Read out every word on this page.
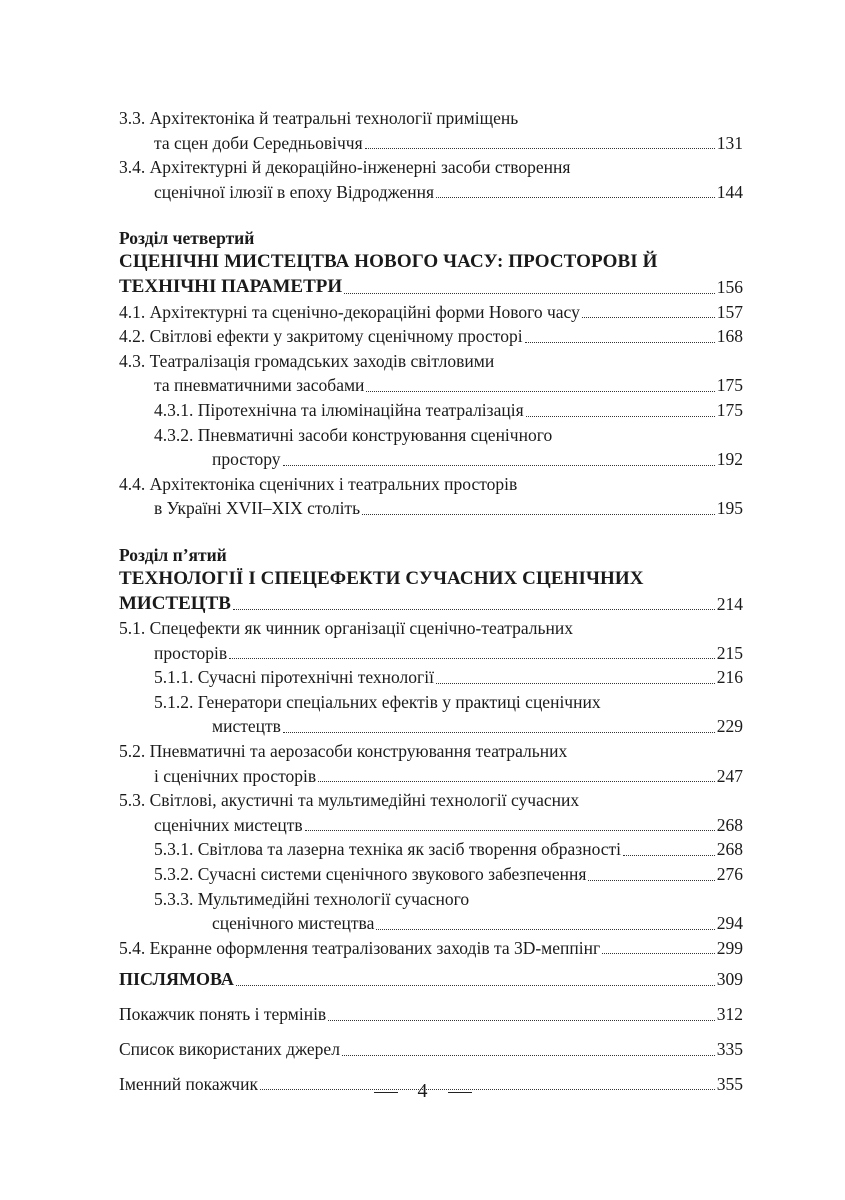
3.3. Архітектоніка й театральні технології приміщень
та сцен доби Середньовіччя	131
3.4. Архітектурні й декораційно-інженерні засоби створення
сценічної ілюзії в епоху Відродження	144
Розділ четвертий
СЦЕНІЧНІ МИСТЕЦТВА НОВОГО ЧАСУ: ПРОСТОРОВІ Й
ТЕХНІЧНІ ПАРАМЕТРИ	156
4.1. Архітектурні та сценічно-декораційні форми Нового часу	157
4.2. Світлові ефекти у закритому сценічному просторі	168
4.3. Театралізація громадських заходів світловими
та пневматичними засобами	175
4.3.1. Піротехнічна та ілюмінаційна театралізація	175
4.3.2. Пневматичні засоби конструювання сценічного
простору	192
4.4. Архітектоніка сценічних і театральних просторів
в Україні XVII–XIX століть	195
Розділ п’ятий
ТЕХНОЛОГІЇ І СПЕЦЕФЕКТИ СУЧАСНИХ СЦЕНІЧНИХ
МИСТЕЦТВ	214
5.1. Спецефекти як чинник організації сценічно-театральних
просторів	215
5.1.1. Сучасні піротехнічні технології	216
5.1.2. Генератори спеціальних ефектів у практиці сценічних
мистецтв	229
5.2. Пневматичні та аерозасоби конструювання театральних
і сценічних просторів	247
5.3. Світлові, акустичні та мультимедійні технології сучасних
сценічних мистецтв	268
5.3.1. Світлова та лазерна техніка як засіб творення образності	268
5.3.2. Сучасні системи сценічного звукового забезпечення	276
5.3.3. Мультимедійні технології сучасного
сценічного мистецтва	294
5.4. Екранне оформлення театралізованих заходів та 3D-меппінг	299
ПІСЛЯМОВА	309
Покажчик понять і термінів	312
Список використаних джерел	335
Іменний покажчик	355
4
